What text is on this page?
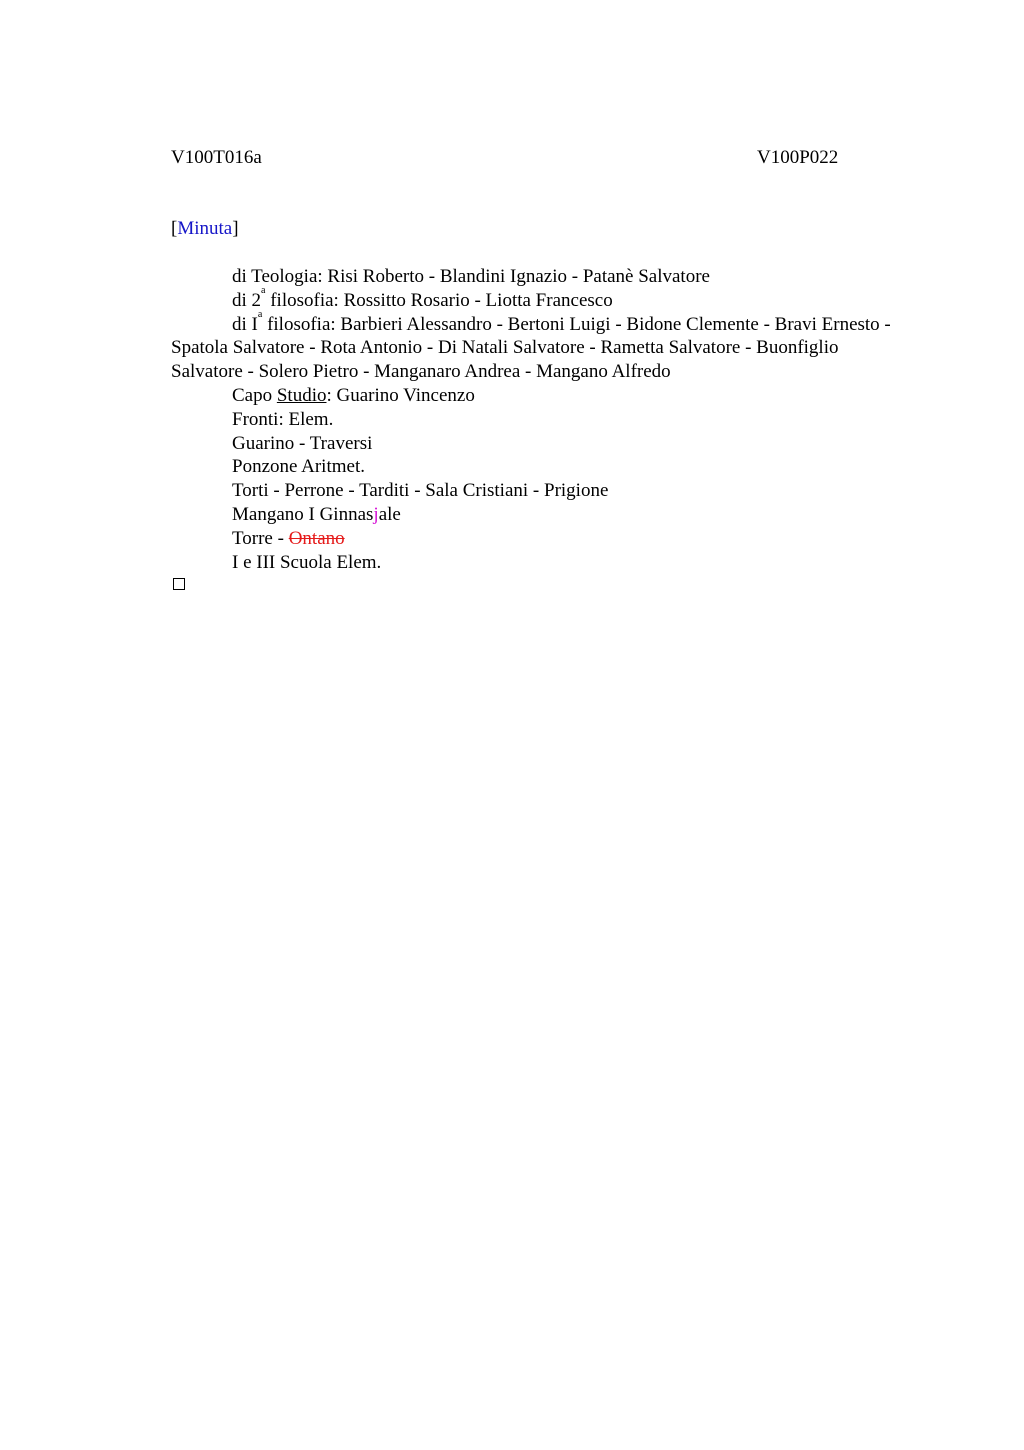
V100T016a	V100P022
[Minuta]
di Teologia: Risi Roberto - Blandini Ignazio - Patanè Salvatore
di 2$^a$ filosofia: Rossitto Rosario - Liotta Francesco
di $I^a$ filosofia: Barbieri Alessandro - Bertoni Luigi - Bidone Clemente - Bravi Ernesto - Spatola Salvatore - Rota Antonio - Di Natali Salvatore - Rametta Salvatore - Buonfiglio Salvatore - Solero Pietro - Manganaro Andrea - Mangano Alfredo
Capo Studio: Guarino Vincenzo
Fronti: Elem.
Guarino - Traversi
Ponzone Aritmet.
Torti - Perrone - Tarditi - Sala Cristiani - Prigione
Mangano I Ginnasjale
Torre - Ontano
I e III Scuola Elem.
